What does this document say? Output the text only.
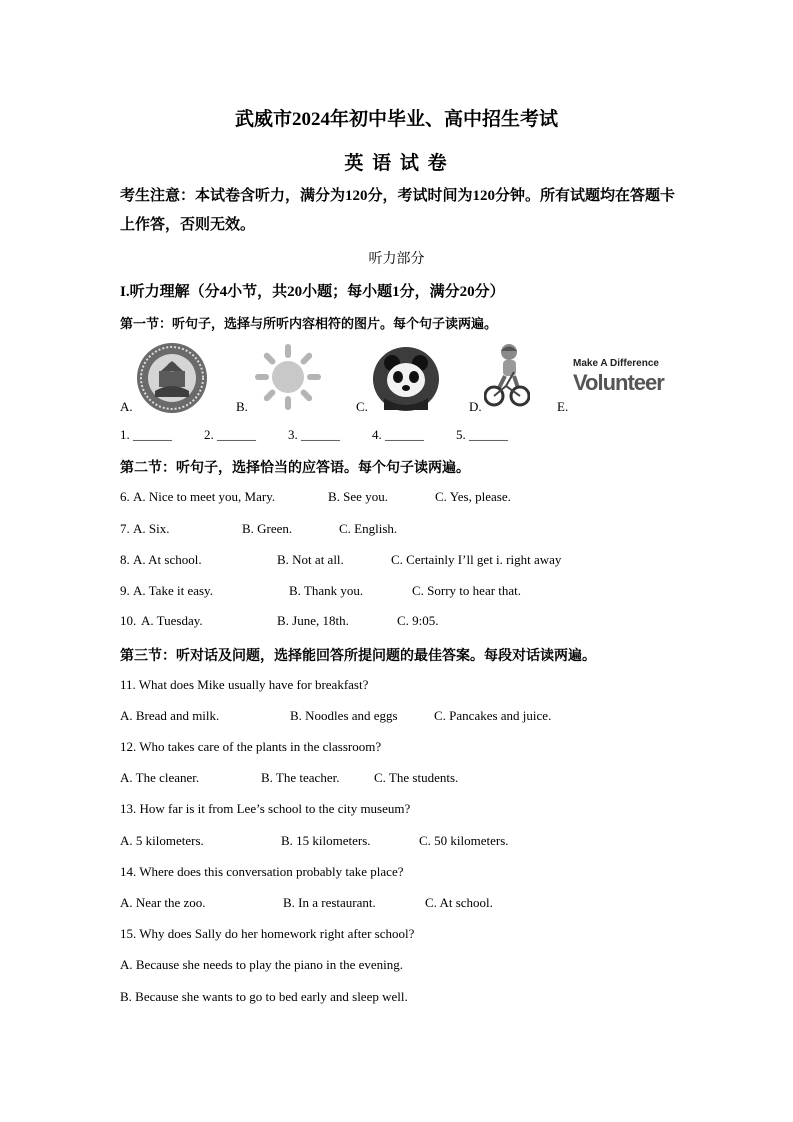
武威市2024年初中毕业、高中招生考试
英 语 试 卷
考生注意：本试卷含听力，满分为120分，考试时间为120分钟。所有试题均在答题卡上作答，否则无效。
听力部分
I.听力理解（分4小节，共20小题；每小题1分，满分20分）
第一节：听句子，选择与所听内容相符的图片。每个句子读两遍。
A.	B.	C.	D.	E.
Make A Difference
Volunteer
1. ______ 2. ______ 3. ______ 4. ______ 5. ______
第二节：听句子，选择恰当的应答语。每个句子读两遍。
6. A. Nice to meet you, Mary.	B. See you.	C. Yes, please.
7. A. Six.	B. Green.	C. English.
8. A. At school.	B. Not at all.	C. Certainly I’ll get i. right away
9. A. Take it easy.	B. Thank you.	C. Sorry to hear that.
10. A. Tuesday.	B. June, 18th.	C. 9:05.
第三节：听对话及问题，选择能回答所提问题的最佳答案。每段对话读两遍。
11. What does Mike usually have for breakfast?
A. Bread and milk.	B. Noodles and eggs	C. Pancakes and juice.
12. Who takes care of the plants in the classroom?
A. The cleaner.	B. The teacher.	C. The students.
13. How far is it from Lee’s school to the city museum?
A. 5 kilometers.	B. 15 kilometers.	C. 50 kilometers.
14. Where does this conversation probably take place?
A. Near the zoo.	B. In a restaurant.	C. At school.
15. Why does Sally do her homework right after school?
A. Because she needs to play the piano in the evening.
B. Because she wants to go to bed early and sleep well.
